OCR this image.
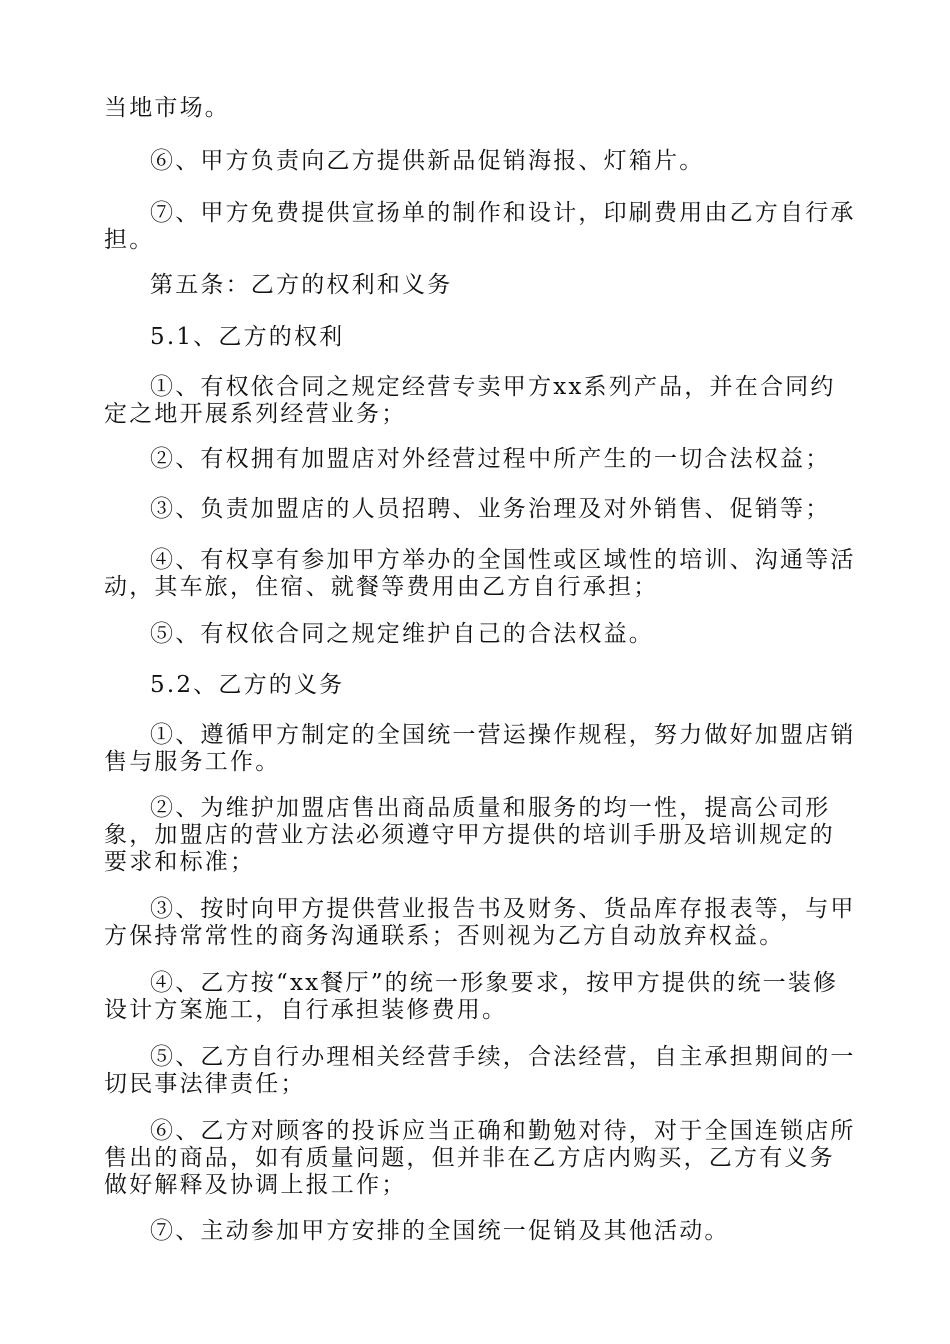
当地市场。

⑥、甲方负责向乙方提供新品促销海报、灯箱片。

⑦、甲方免费提供宣扬单的制作和设计，印刷费用由乙方自行承担。

第五条：乙方的权利和义务

5.1、乙方的权利

①、有权依合同之规定经营专卖甲方xx系列产品，并在合同约定之地开展系列经营业务；

②、有权拥有加盟店对外经营过程中所产生的一切合法权益；

③、负责加盟店的人员招聘、业务治理及对外销售、促销等；

④、有权享有参加甲方举办的全国性或区域性的培训、沟通等活动，其车旅，住宿、就餐等费用由乙方自行承担；

⑤、有权依合同之规定维护自己的合法权益。

5.2、乙方的义务

①、遵循甲方制定的全国统一营运操作规程，努力做好加盟店销售与服务工作。

②、为维护加盟店售出商品质量和服务的均一性，提高公司形象，加盟店的营业方法必须遵守甲方提供的培训手册及培训规定的要求和标准；

③、按时向甲方提供营业报告书及财务、货品库存报表等，与甲方保持常常性的商务沟通联系；否则视为乙方自动放弃权益。

④、乙方按“xx餐厅”的统一形象要求，按甲方提供的统一装修设计方案施工，自行承担装修费用。

⑤、乙方自行办理相关经营手续，合法经营，自主承担期间的一切民事法律责任；

⑥、乙方对顾客的投诉应当正确和勤勉对待，对于全国连锁店所售出的商品，如有质量问题，但并非在乙方店内购买，乙方有义务做好解释及协调上报工作；

⑦、主动参加甲方安排的全国统一促销及其他活动。
